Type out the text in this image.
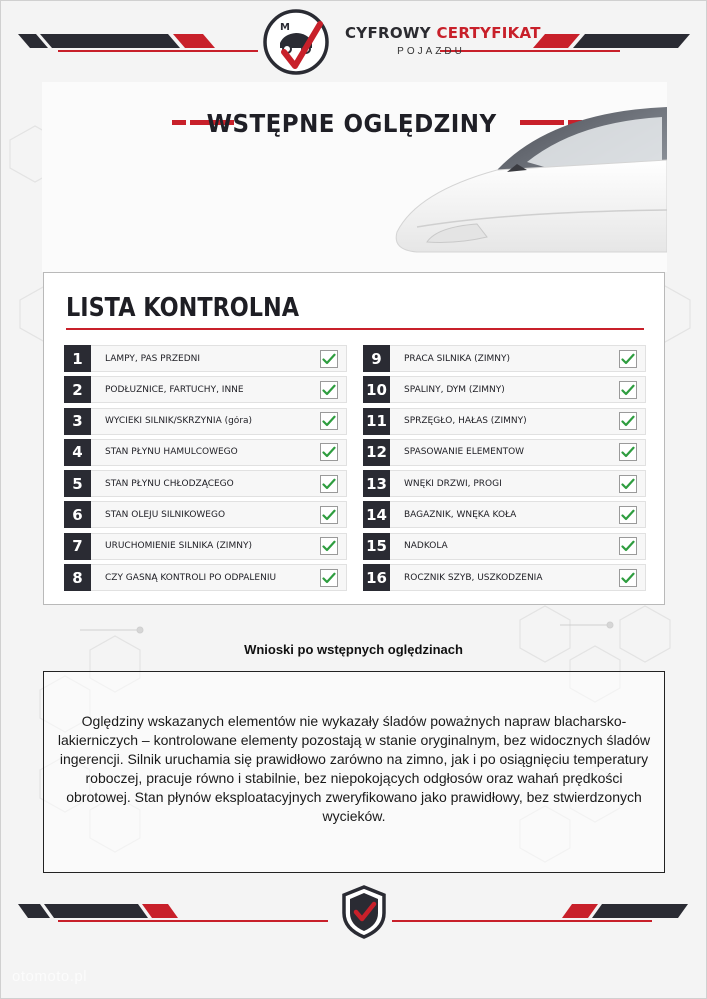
M	CYFROWY CERTYFIKAT
POJAZDU
WSTĘPNE OGLĘDZINY
LISTA KONTROLNA
1	LAMPY, PAS PRZEDNI
2	PODŁUŻNICE, FARTUCHY, INNE
3	WYCIEKI SILNIK/SKRZYNIA (góra)
4	STAN PŁYNU HAMULCOWEGO
5	STAN PŁYNU CHŁODZĄCEGO
6	STAN OLEJU SILNIKOWEGO
7	URUCHOMIENIE SILNIKA (ZIMNY)
8	CZY GASNĄ KONTROLI PO ODPALENIU
9	PRACA SILNIKA (ZIMNY)
10	SPALINY, DYM (ZIMNY)
11	SPRZĘGŁO, HAŁAS (ZIMNY)
12	SPASOWANIE ELEMENTÓW
13	WNĘKI DRZWI, PROGI
14	BAGAŻNIK, WNĘKA KOŁA
15	NADKOLA
16	ROCZNIK SZYB, USZKODZENIA
Wnioski po wstępnych oględzinach

Oględziny wskazanych elementów nie wykazały śladów poważnych napraw blacharsko-lakierniczych – kontrolowane elementy pozostają w stanie oryginalnym, bez widocznych śladów ingerencji. Silnik uruchamia się prawidłowo zarówno na zimno, jak i po osiągnięciu temperatury roboczej, pracuje równo i stabilnie, bez niepokojących odgłosów oraz wahań prędkości obrotowej. Stan płynów eksploatacyjnych zweryfikowano jako prawidłowy, bez stwierdzonych wycieków.

otomoto.pl
